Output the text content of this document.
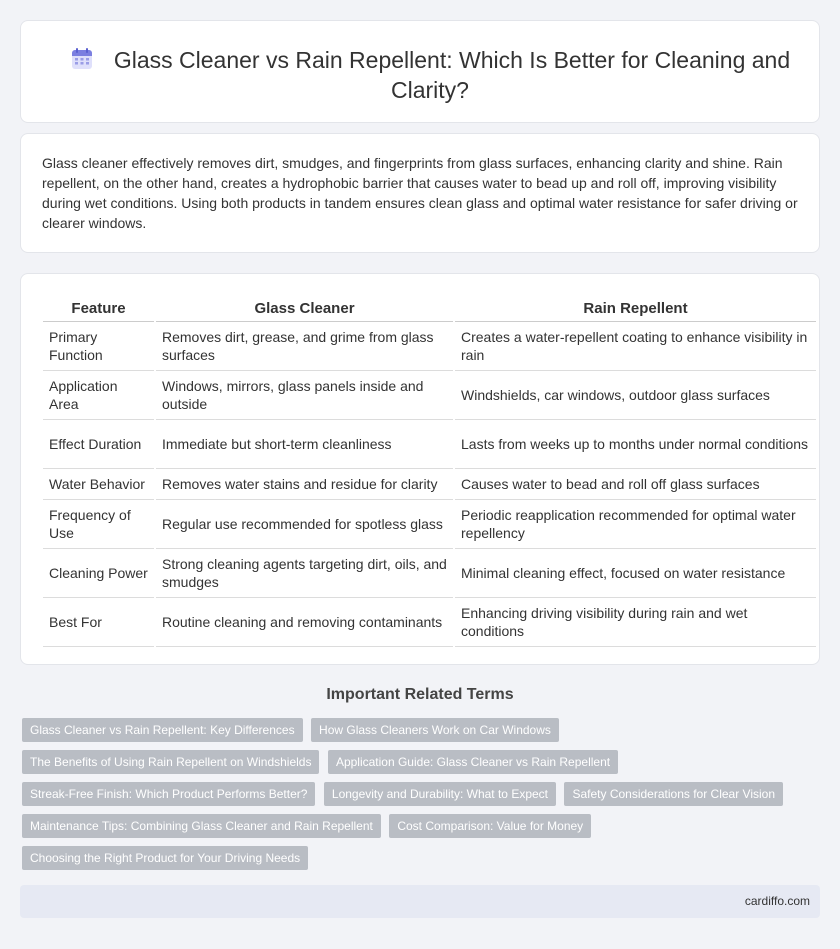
Glass Cleaner vs Rain Repellent: Which Is Better for Cleaning and Clarity?

Glass cleaner effectively removes dirt, smudges, and fingerprints from glass surfaces, enhancing clarity and shine. Rain repellent, on the other hand, creates a hydrophobic barrier that causes water to bead up and roll off, improving visibility during wet conditions. Using both products in tandem ensures clean glass and optimal water resistance for safer driving or clearer windows.

Feature	Glass Cleaner	Rain Repellent
Primary Function	Removes dirt, grease, and grime from glass surfaces	Creates a water-repellent coating to enhance visibility in rain
Application Area	Windows, mirrors, glass panels inside and outside	Windshields, car windows, outdoor glass surfaces
Effect Duration	Immediate but short-term cleanliness	Lasts from weeks up to months under normal conditions
Water Behavior	Removes water stains and residue for clarity	Causes water to bead and roll off glass surfaces
Frequency of Use	Regular use recommended for spotless glass	Periodic reapplication recommended for optimal water repellency
Cleaning Power	Strong cleaning agents targeting dirt, oils, and smudges	Minimal cleaning effect, focused on water resistance
Best For	Routine cleaning and removing contaminants	Enhancing driving visibility during rain and wet conditions
Important Related Terms
Glass Cleaner vs Rain Repellent: Key Differences How Glass Cleaners Work on Car Windows The Benefits of Using Rain Repellent on Windshields Application Guide: Glass Cleaner vs Rain Repellent Streak-Free Finish: Which Product Performs Better? Longevity and Durability: What to Expect Safety Considerations for Clear Vision Maintenance Tips: Combining Glass Cleaner and Rain Repellent Cost Comparison: Value for Money Choosing the Right Product for Your Driving Needs
cardiffo.com
